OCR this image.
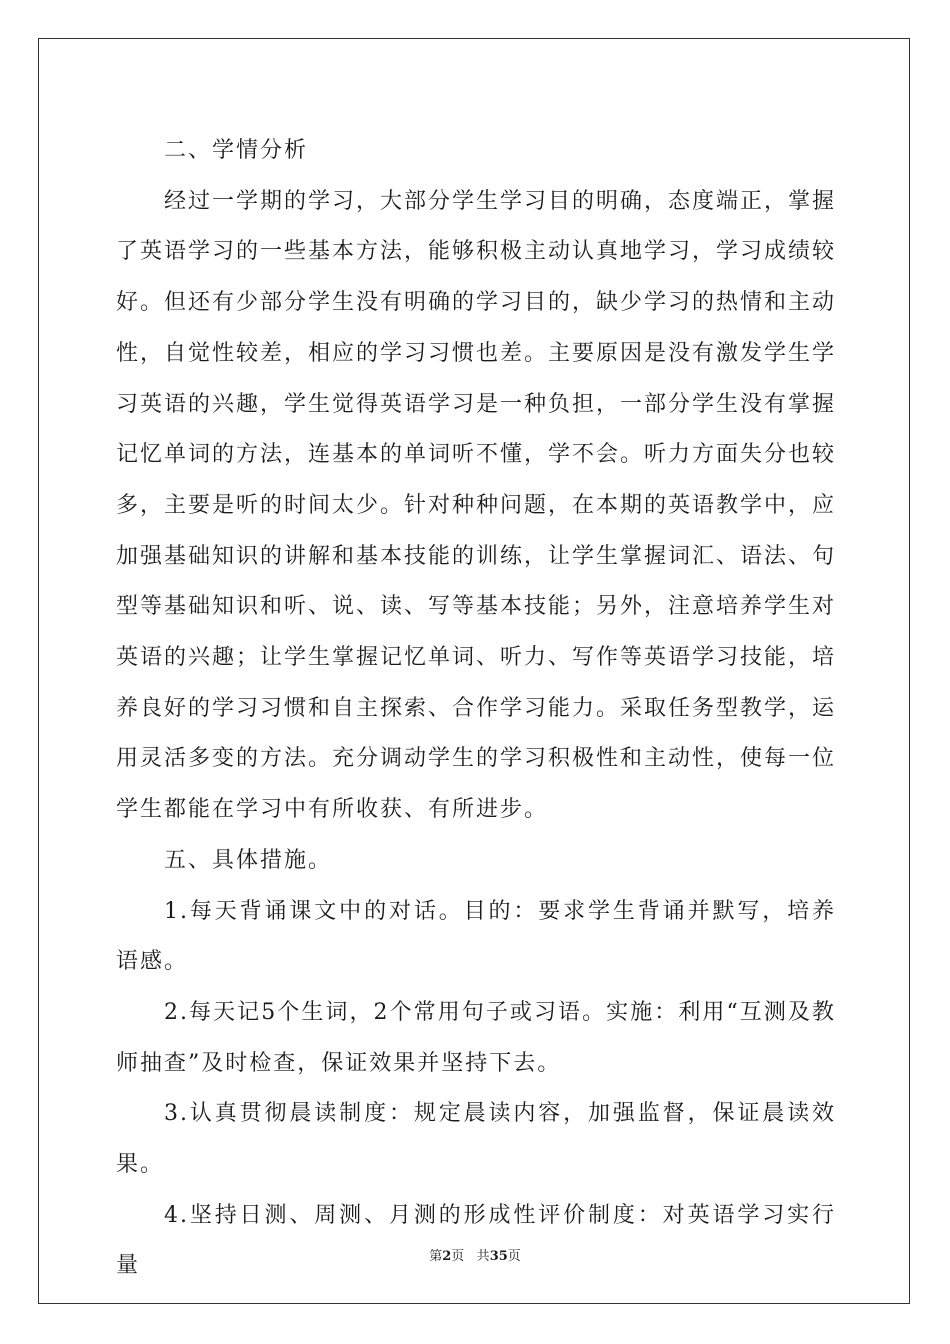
二、学情分析

经过一学期的学习，大部分学生学习目的明确，态度端正，掌握了英语学习的一些基本方法，能够积极主动认真地学习，学习成绩较好。但还有少部分学生没有明确的学习目的，缺少学习的热情和主动性，自觉性较差，相应的学习习惯也差。主要原因是没有激发学生学习英语的兴趣，学生觉得英语学习是一种负担，一部分学生没有掌握记忆单词的方法，连基本的单词听不懂，学不会。听力方面失分也较多，主要是听的时间太少。针对种种问题，在本期的英语教学中，应加强基础知识的讲解和基本技能的训练，让学生掌握词汇、语法、句型等基础知识和听、说、读、写等基本技能；另外，注意培养学生对英语的兴趣；让学生掌握记忆单词、听力、写作等英语学习技能，培养良好的学习习惯和自主探索、合作学习能力。采取任务型教学，运用灵活多变的方法。充分调动学生的学习积极性和主动性，使每一位学生都能在学习中有所收获、有所进步。

五、具体措施。

1.每天背诵课文中的对话。目的：要求学生背诵并默写，培养语感。

2.每天记5个生词，2个常用句子或习语。实施：利用“互测及教师抽查”及时检查，保证效果并坚持下去。

3.认真贯彻晨读制度：规定晨读内容，加强监督，保证晨读效果。

4.坚持日测、周测、月测的形成性评价制度：对英语学习实行量	第2页 共35页
